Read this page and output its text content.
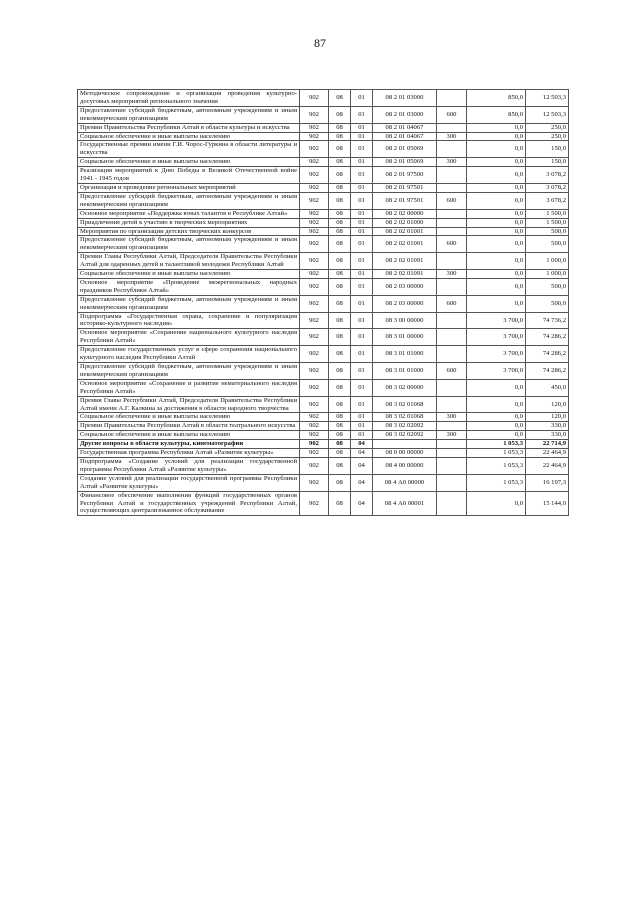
87
Методическое сопровождение и организация проведения культурно-досуговых мероприятий регионального значения	902	08	01	08 2 01 03000		850,0	12 503,3
Предоставление субсидий бюджетным, автономным учреждениям и иным некоммерческим организациям	902	08	01	08 2 01 03000	600	850,0	12 503,3
Премии Правительства Республики Алтай в области культуры и искусства	902	08	01	08 2 01 04067		0,0	250,0
Социальное обеспечение и иные выплаты населению	902	08	01	08 2 01 04067	300	0,0	250,0
Государственные премии имени Г.И. Чорос-Гуркина в области литературы и искусства	902	08	01	08 2 01 05069		0,0	150,0
Социальное обеспечение и иные выплаты населению	902	08	01	08 2 01 05069	300	0,0	150,0
Реализация мероприятий к Дню Победы в Великой Отечественной войне 1941 - 1945 годов	902	08	01	08 2 01 97500		0,0	3 078,2
Организация и проведение региональных мероприятий	902	08	01	08 2 01 97501		0,0	3 078,2
Предоставление субсидий бюджетным, автономным учреждениям и иным некоммерческим организациям	902	08	01	08 2 01 97501	600	0,0	3 078,2
Основное мероприятие «Поддержка юных талантов в Республике Алтай»	902	08	01	08 2 02 00000		0,0	1 500,0
Приадлечение детей к участию в творческих мероприятиях	902	08	01	08 2 02 01000		0,0	1 500,0
Мероприятия по организации детских творческих конкурсов	902	08	01	08 2 02 01001		0,0	500,0
Предоставление субсидий бюджетным, автономным учреждениям и иным некоммерческим организациям	902	08	01	08 2 02 01001	600	0,0	500,0
Премии Главы Республики Алтай, Председателя Правительства Республики Алтай для одаренных детей и талантливой молодежи Республики Алтай	902	08	01	08 2 02 01091		0,0	1 000,0
Социальное обеспечение и иные выплаты населению	902	08	01	08 2 02 01091	300	0,0	1 000,0
Основное мероприятие «Проведение межрегиональных народных праздников Республики Алтай»	902	08	01	08 2 03 00000		0,0	500,0
Предоставление субсидий бюджетным, автономным учреждениям и иным некоммерческим организациям	902	08	01	08 2 03 00000	600	0,0	500,0
Подпрограмма «Государственная охрана, сохранение и популяризация историко-культурного наследия»	902	08	01	08 3 00 00000		3 700,0	74 736,2
Основное мероприятие «Сохранение национального культурного наследия Республики Алтай»	902	08	01	08 3 01 00000		3 700,0	74 286,2
Предоставление государственных услуг в сфере сохранения национального культурного наследия Республики Алтай	902	08	01	08 3 01 01000		3 700,0	74 286,2
Предоставление субсидий бюджетным, автономным учреждениям и иным некоммерческим организациям	902	08	01	08 3 01 01000	600	3 700,0	74 286,2
Основное мероприятие «Сохранение и развитие нематериального наследия Республики Алтай»	902	08	01	08 3 02 00000		0,0	450,0
Премия Главы Республики Алтай, Председателя Правительства Республики Алтай имени А.Г. Калкина за достижения в области народного творчества	902	08	01	08 3 02 01068		0,0	120,0
Социальное обеспечение и иные выплаты населению	902	08	01	08 3 02 01068	300	0,0	120,0
Премии Правительства Республики Алтай в области театрального искусства	902	08	01	08 3 02 02092		0,0	330,0
Социальное обеспечение и иные выплаты населению	902	08	01	08 3 02 02092	300	0,0	330,0
Другие вопросы в области культуры, кинематографии	902	08	04			1 053,3	22 714,9
Государственная программа Республики Алтай «Развитие культуры»	902	08	04	08 0 00 00000		1 053,3	22 464,9
Подпрограмма «Создание условий для реализации государственной программы Республики Алтай «Развитие культуры»	902	08	04	08 4 00 00000		1 053,3	22 464,9
Создание условий для реализации государственной программы Республики Алтай «Развитие культуры»	902	08	04	08 4 А0 00000		1 053,3	16 197,3
Финансовое обеспечение выполнения функций государственных органов Республики Алтай и государственных учреждений Республики Алтай, осуществляющих централизованное обслуживание	902	08	04	08 4 А0 00001		0,0	15 144,0
